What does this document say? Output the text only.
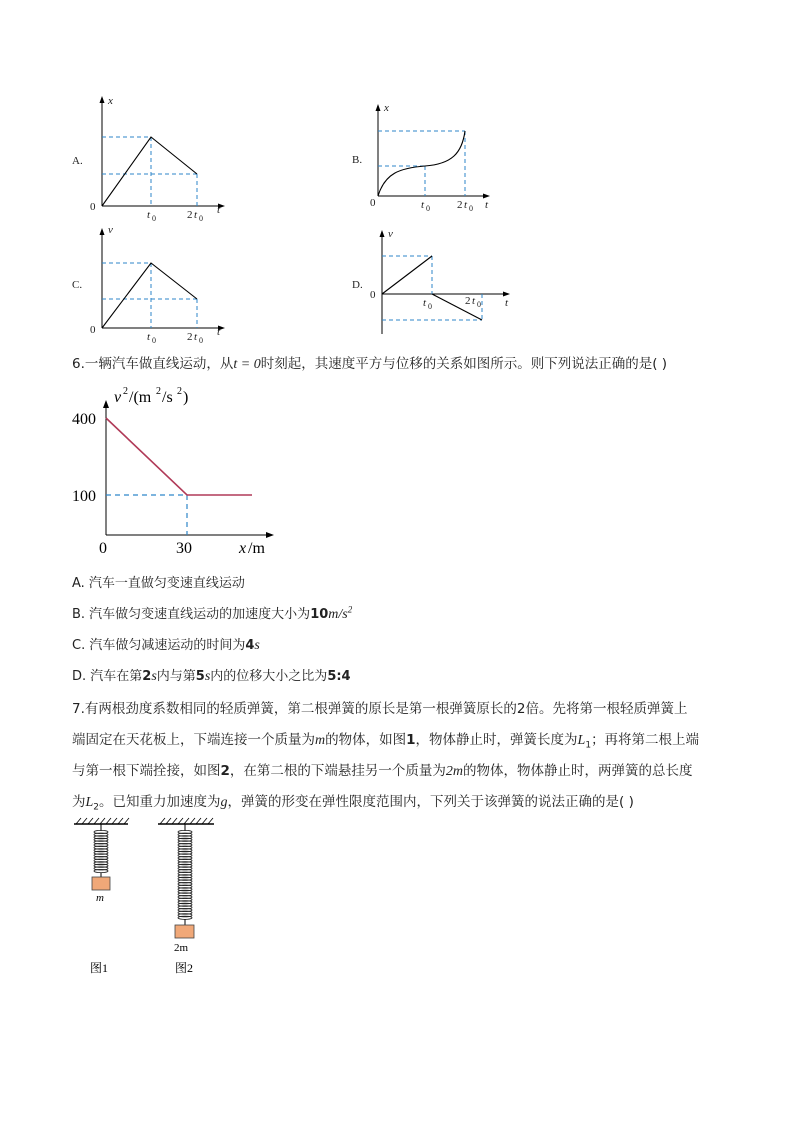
A.
x
t
0
t 0	2 t 0
B.
x
t
0	t 0 2 t 0
C.
v
t
0
t 0	2 t 0
D.
v
t
0
t 0	2 t 0
6.一辆汽车做直线运动，从t = 0时刻起，其速度平方与位移的关系如图所示。则下列说法正确的是( )
v 2 /(m 2 /s 2 )
400
100
0	30	x /m
A. 汽车一直做匀变速直线运动
B. 汽车做匀变速直线运动的加速度大小为$10m/s^2$
C. 汽车做匀减速运动的时间为4s
D. 汽车在第2s内与第5s内的位移大小之比为5:4
7.有两根劲度系数相同的轻质弹簧，第二根弹簧的原长是第一根弹簧原长的2倍。先将第一根轻质弹簧上
端固定在天花板上，下端连接一个质量为m的物体，如图1，物体静止时，弹簧长度为$L_1$；再将第二根上端
与第一根下端拴接，如图2，在第二根的下端悬挂另一个质量为2m的物体，物体静止时，两弹簧的总长度
为$L_2$。已知重力加速度为g，弹簧的形变在弹性限度范围内，下列关于该弹簧的说法正确的是( )
m
图1
2m
图2
